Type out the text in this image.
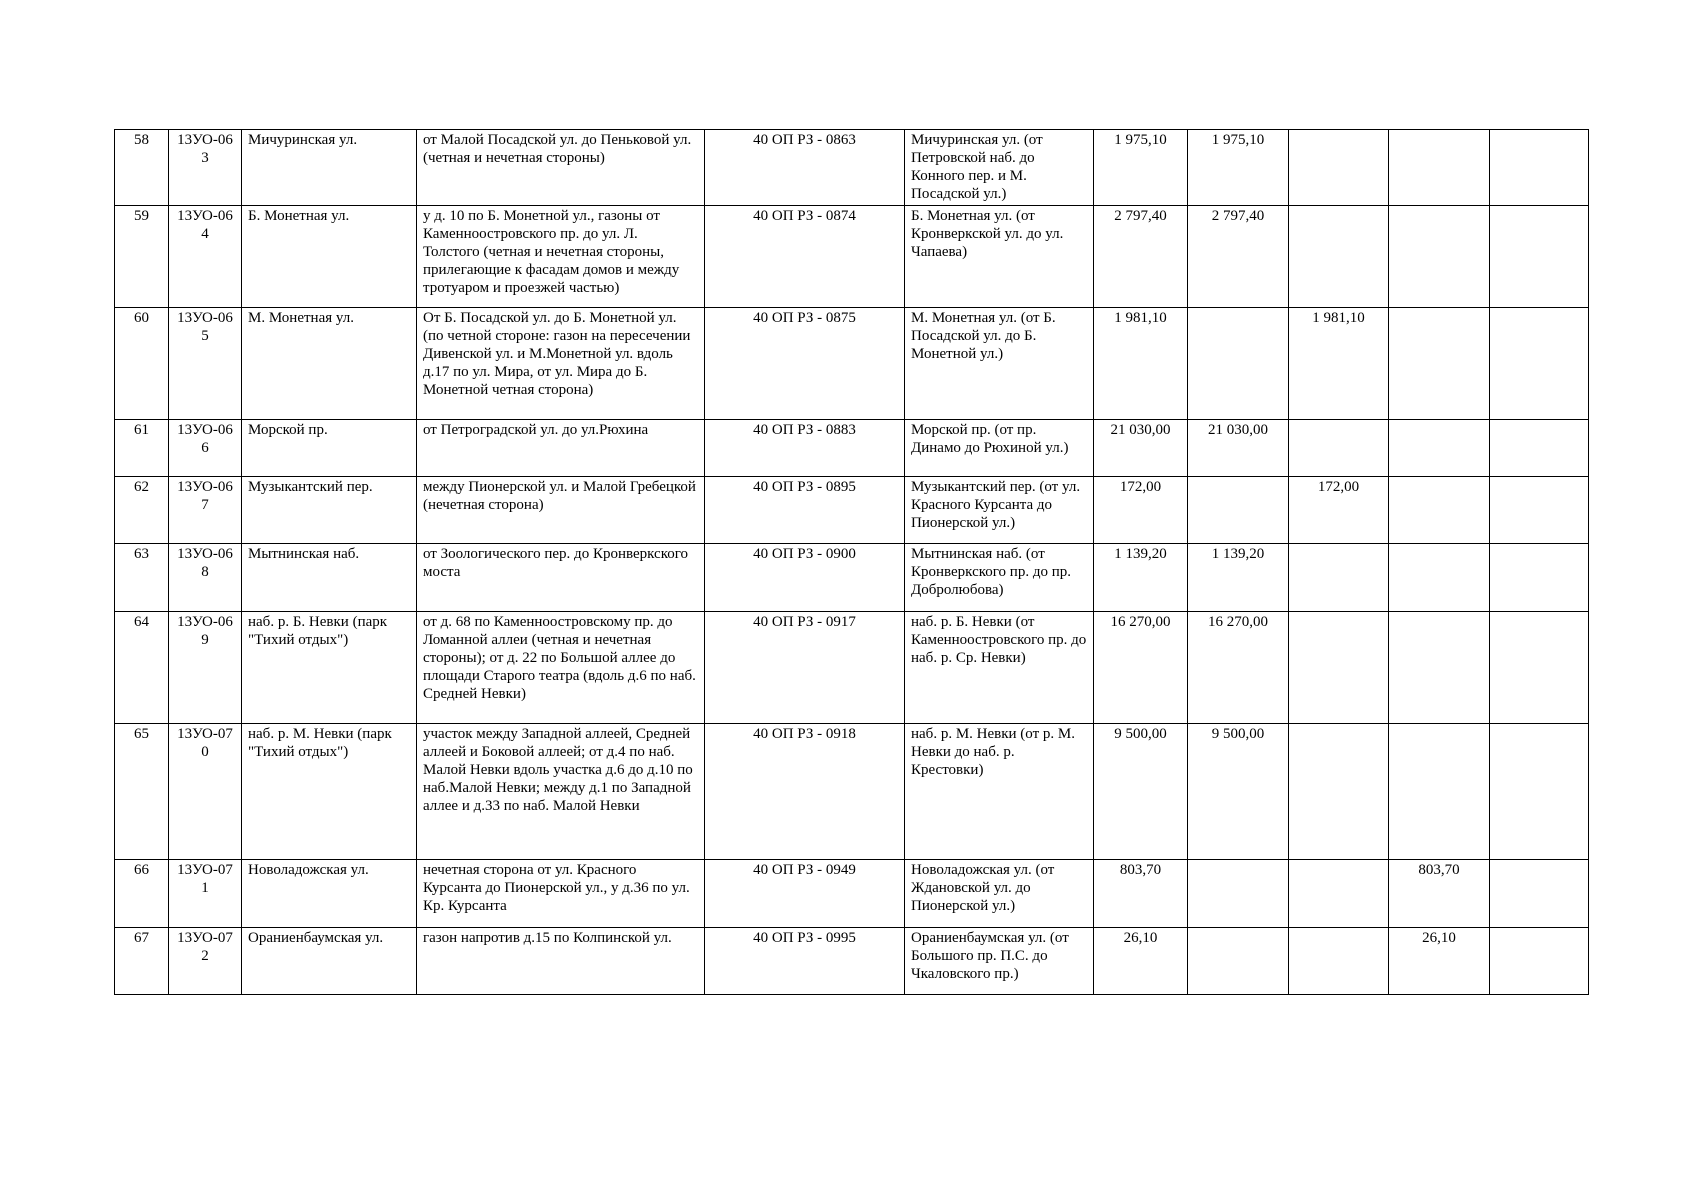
58	13УО-063	Мичуринская ул.	от Малой Посадской ул. до Пеньковой ул.(четная и нечетная стороны)	40 ОП РЗ - 0863	Мичуринская ул. (от Петровской наб. до Конного пер. и М. Посадской ул.)	1 975,10	1 975,10			
59	13УО-064	Б. Монетная ул.	у д. 10 по Б. Монетной ул., газоны от Каменноостровского пр. до ул. Л. Толстого (четная и нечетная стороны, прилегающие к фасадам домов и между тротуаром и проезжей частью)	40 ОП РЗ - 0874	Б. Монетная ул. (от Кронверкской ул. до ул. Чапаева)	2 797,40	2 797,40			
60	13УО-065	М. Монетная ул.	От Б. Посадской ул. до Б. Монетной ул. (по четной стороне: газон на пересечении Дивенской ул. и М.Монетной ул. вдоль д.17 по ул. Мира, от ул. Мира до Б. Монетной четная сторона)	40 ОП РЗ - 0875	М. Монетная ул. (от Б. Посадской ул. до Б. Монетной ул.)	1 981,10		1 981,10		
61	13УО-066	Морской пр.	от Петроградской ул. до ул.Рюхина	40 ОП РЗ - 0883	Морской пр. (от пр. Динамо до Рюхиной ул.)	21 030,00	21 030,00			
62	13УО-067	Музыкантский пер.	между Пионерской ул. и Малой Гребецкой (нечетная сторона)	40 ОП РЗ - 0895	Музыкантский пер. (от ул. Красного Курсанта до Пионерской ул.)	172,00		172,00		
63	13УО-068	Мытнинская наб.	от Зоологического пер. до Кронверкского моста	40 ОП РЗ - 0900	Мытнинская наб. (от Кронверкского пр. до пр. Добролюбова)	1 139,20	1 139,20			
64	13УО-069	наб. р. Б. Невки (парк "Тихий отдых")	от д. 68 по Каменноостровскому пр. до Ломанной аллеи (четная и нечетная стороны); от д. 22 по Большой аллее до площади Старого театра (вдоль д.6 по наб. Средней Невки)	40 ОП РЗ - 0917	наб. р. Б. Невки (от Каменноостровского пр. до наб. р. Ср. Невки)	16 270,00	16 270,00			
65	13УО-070	наб. р. М. Невки (парк "Тихий отдых")	участок между Западной аллеей, Средней аллеей и Боковой аллеей; от д.4 по наб. Малой Невки вдоль участка д.6 до д.10 по наб.Малой Невки; между д.1 по Западной аллее и д.33 по наб. Малой Невки	40 ОП РЗ - 0918	наб. р. М. Невки (от р. М. Невки до наб. р. Крестовки)	9 500,00	9 500,00			
66	13УО-071	Новоладожская ул.	нечетная сторона от ул. Красного Курсанта до Пионерской ул., у д.36 по ул. Кр. Курсанта	40 ОП РЗ - 0949	Новоладожская ул. (от Ждановской ул. до Пионерской ул.)	803,70			803,70	
67	13УО-072	Ораниенбаумская ул.	газон напротив д.15 по Колпинской ул.	40 ОП РЗ - 0995	Ораниенбаумская ул. (от Большого пр. П.С. до Чкаловского пр.)	26,10			26,10	
